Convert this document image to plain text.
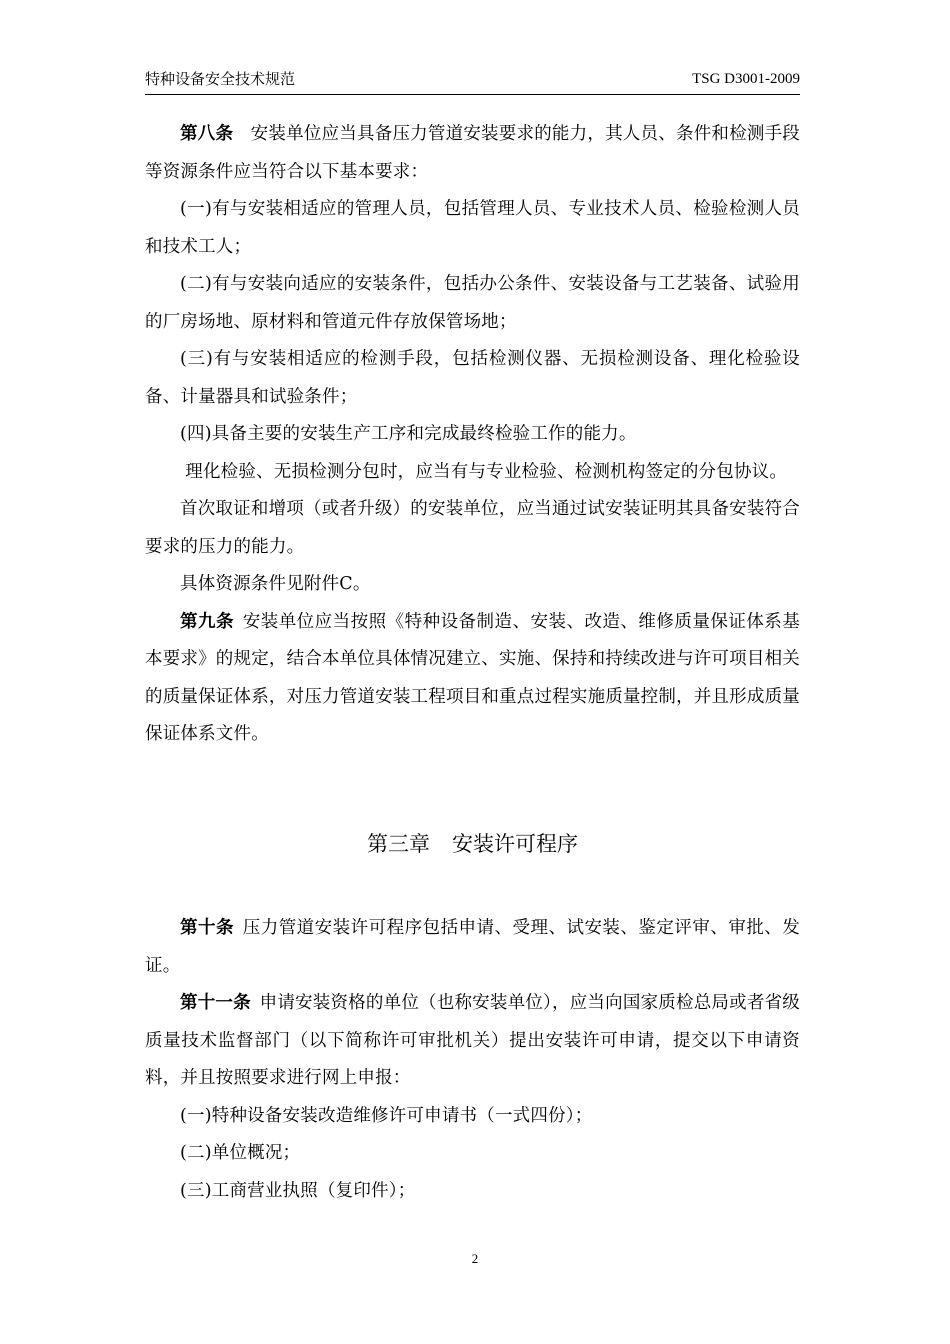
特种设备安全技术规范	TSG D3001-2009

第八条 安装单位应当具备压力管道安装要求的能力，其人员、条件和检测手段等资源条件应当符合以下基本要求：

(一)有与安装相适应的管理人员，包括管理人员、专业技术人员、检验检测人员和技术工人；

(二)有与安装向适应的安装条件，包括办公条件、安装设备与工艺装备、试验用的厂房场地、原材料和管道元件存放保管场地；

(三)有与安装相适应的检测手段，包括检测仪器、无损检测设备、理化检验设备、计量器具和试验条件；

(四)具备主要的安装生产工序和完成最终检验工作的能力。

理化检验、无损检测分包时，应当有与专业检验、检测机构签定的分包协议。

首次取证和增项（或者升级）的安装单位，应当通过试安装证明其具备安装符合要求的压力的能力。

具体资源条件见附件C。

第九条 安装单位应当按照《特种设备制造、安装、改造、维修质量保证体系基本要求》的规定，结合本单位具体情况建立、实施、保持和持续改进与许可项目相关的质量保证体系，对压力管道安装工程项目和重点过程实施质量控制，并且形成质量保证体系文件。

第三章 安装许可程序

第十条 压力管道安装许可程序包括申请、受理、试安装、鉴定评审、审批、发证。

第十一条 申请安装资格的单位（也称安装单位），应当向国家质检总局或者省级质量技术监督部门（以下简称许可审批机关）提出安装许可申请，提交以下申请资料，并且按照要求进行网上申报：

(一)特种设备安装改造维修许可申请书（一式四份）；

(二)单位概况；

(三)工商营业执照（复印件）；

2
